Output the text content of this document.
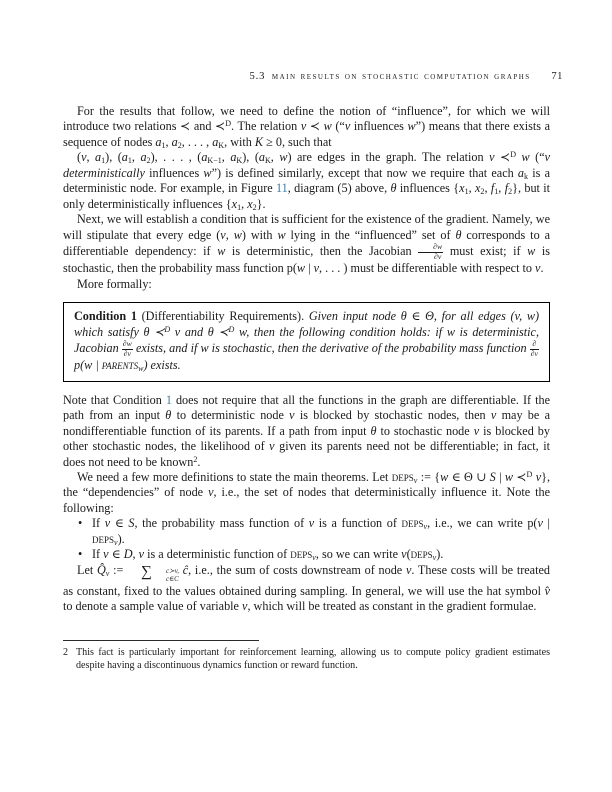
5.3 main results on stochastic computation graphs 71

For the results that follow, we need to define the notion of “influence”, for which we will introduce two relations ≺ and ≺$^D$. The relation v ≺ w (“v influences w”) means that there exists a sequence of nodes $a_1$, $a_2$, . . . , $a_K$, with K ≥ 0, such that

(v, $a_1$), ($a_1$, $a_2$), . . . , ($a_{K-1}$, $a_K$), ($a_K$, w) are edges in the graph. The relation v ≺$^D$ w (“v deterministically influences w”) is defined similarly, except that now we require that each $a_k$ is a deterministic node. For example, in Figure 11, diagram (5) above, θ influences {$x_1$, $x_2$, $f_1$, $f_2$}, but it only deterministically influences {$x_1$, $x_2$}.

Next, we will establish a condition that is sufficient for the existence of the gradient. Namely, we will stipulate that every edge (v, w) with w lying in the “influenced” set of θ corresponds to a differentiable dependency: if w is deterministic, then the Jacobian $\frac{\partial w}{\partial v}$ must exist; if w is stochastic, then the probability mass function p(w | v, . . . ) must be differentiable with respect to v.

More formally:

Condition 1 (Differentiability Requirements). Given input node θ ∈ Θ, for all edges (v, w) which satisfy θ ≺$^D$ v and θ ≺$^D$ w, then the following condition holds: if w is deterministic, Jacobian $\frac{\partial w}{\partial v}$ exists, and if w is stochastic, then the derivative of the probability mass function $\frac{\partial}{\partial v}$
p(w | parents$_w$) exists.

Note that Condition 1 does not require that all the functions in the graph are differentiable. If the path from an input θ to deterministic node v is blocked by stochastic nodes, then v may be a nondifferentiable function of its parents. If a path from input θ to stochastic node v is blocked by other stochastic nodes, the likelihood of v given its parents need not be differentiable; in fact, it does not need to be known$^2$.

We need a few more definitions to state the main theorems. Let deps$_v$ := {w ∈ Θ ∪ S | w ≺$^D$ v}, the “dependencies” of node v, i.e., the set of nodes that deterministically influence it. Note the following:

• If v ∈ S, the probability mass function of v is a function of deps$_v$, i.e., we can write p(v | deps$_v$).

• If v ∈ D, v is a deterministic function of deps$_v$, so we can write v(deps$_v$).

Let $Q̂_v$ := ∑	c≻v,
c∈C
ĉ, i.e., the sum of costs downstream of node v. These costs will be treated as constant, fixed to the values obtained during sampling. In general, we will use the hat symbol v̂ to denote a sample value of variable v, which will be treated as constant in the gradient formulae.

2 This fact is particularly important for reinforcement learning, allowing us to compute policy gradient estimates despite having a discontinuous dynamics function or reward function.
